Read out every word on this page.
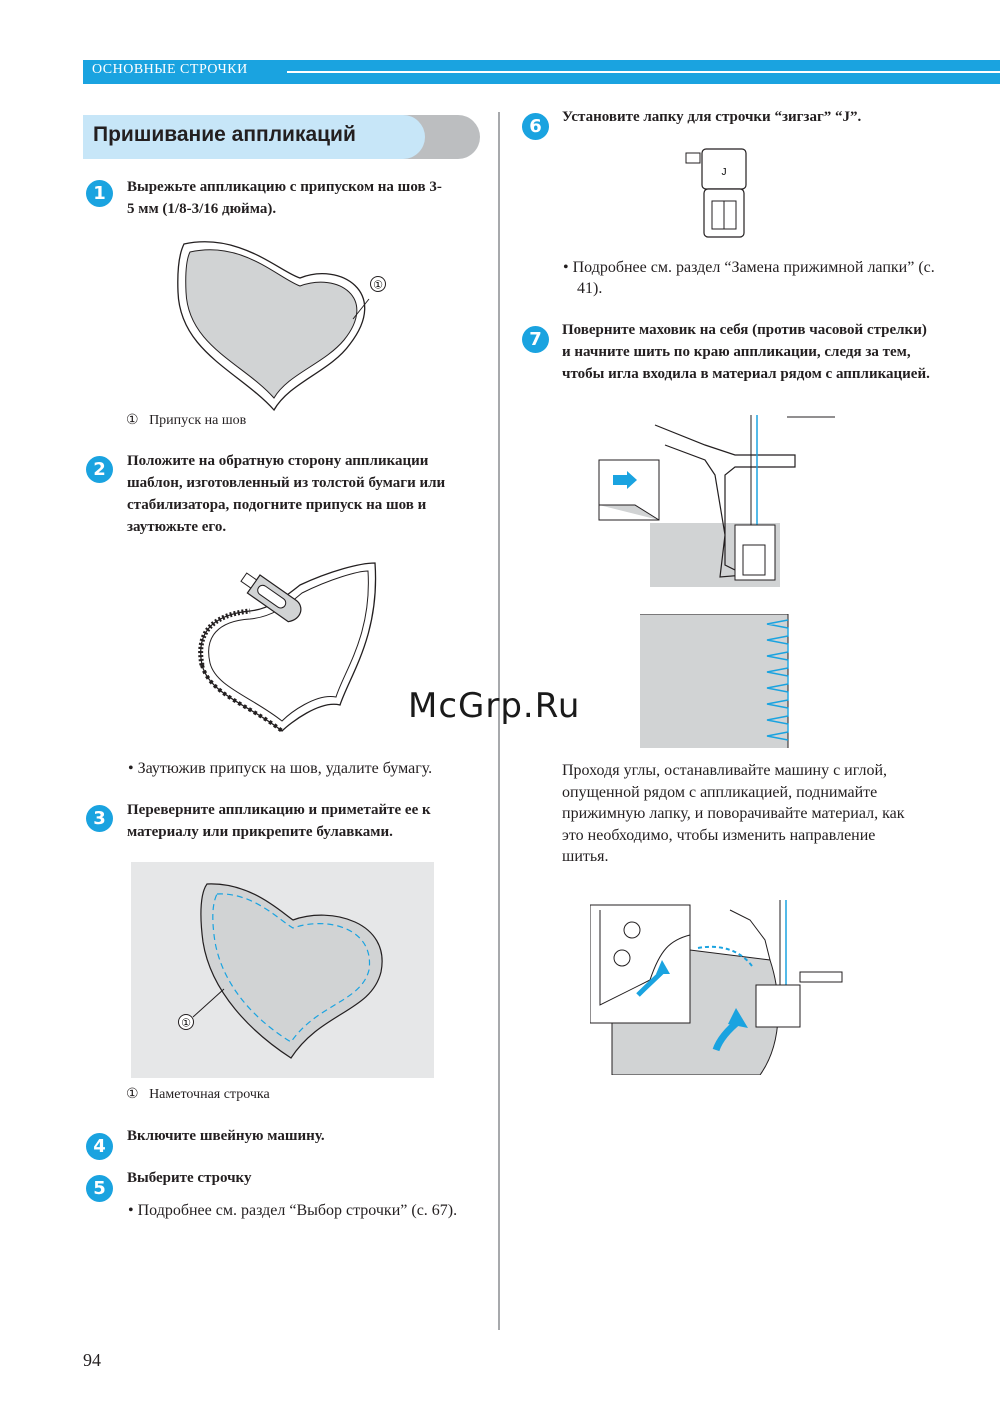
ОСНОВНЫЕ СТРОЧКИ
Пришивание аппликаций
1	Вырежьте аппликацию с припуском на шов 3-5 мм (1/8-3/16 дюйма).
①
① Припуск на шов
2	Положите на обратную сторону аппликации шаблон, изготовленный из толстой бумаги или стабилизатора, подогните припуск на шов и заутюжьте его.
• Заутюжив припуск на шов, удалите бумагу.
3	Переверните аппликацию и приметайте ее к материалу или прикрепите булавками.
①
① Наметочная строчка
4	Включите швейную машину.
5	Выберите строчку
• Подробнее см. раздел “Выбор строчки” (с. 67).
6	Установите лапку для строчки “зигзаг” “J”.
J
• Подробнее см. раздел “Замена прижимной лапки” (с. 41).
7	Поверните маховик на себя (против часовой стрелки) и начните шить по краю аппликации, следя за тем, чтобы игла входила в материал рядом с аппликацией.
Проходя углы, останавливайте машину с иглой, опущенной рядом с аппликацией, поднимайте прижимную лапку, и поворачивайте материал, как это необходимо, чтобы изменить направление шитья.
McGrp.Ru
94
